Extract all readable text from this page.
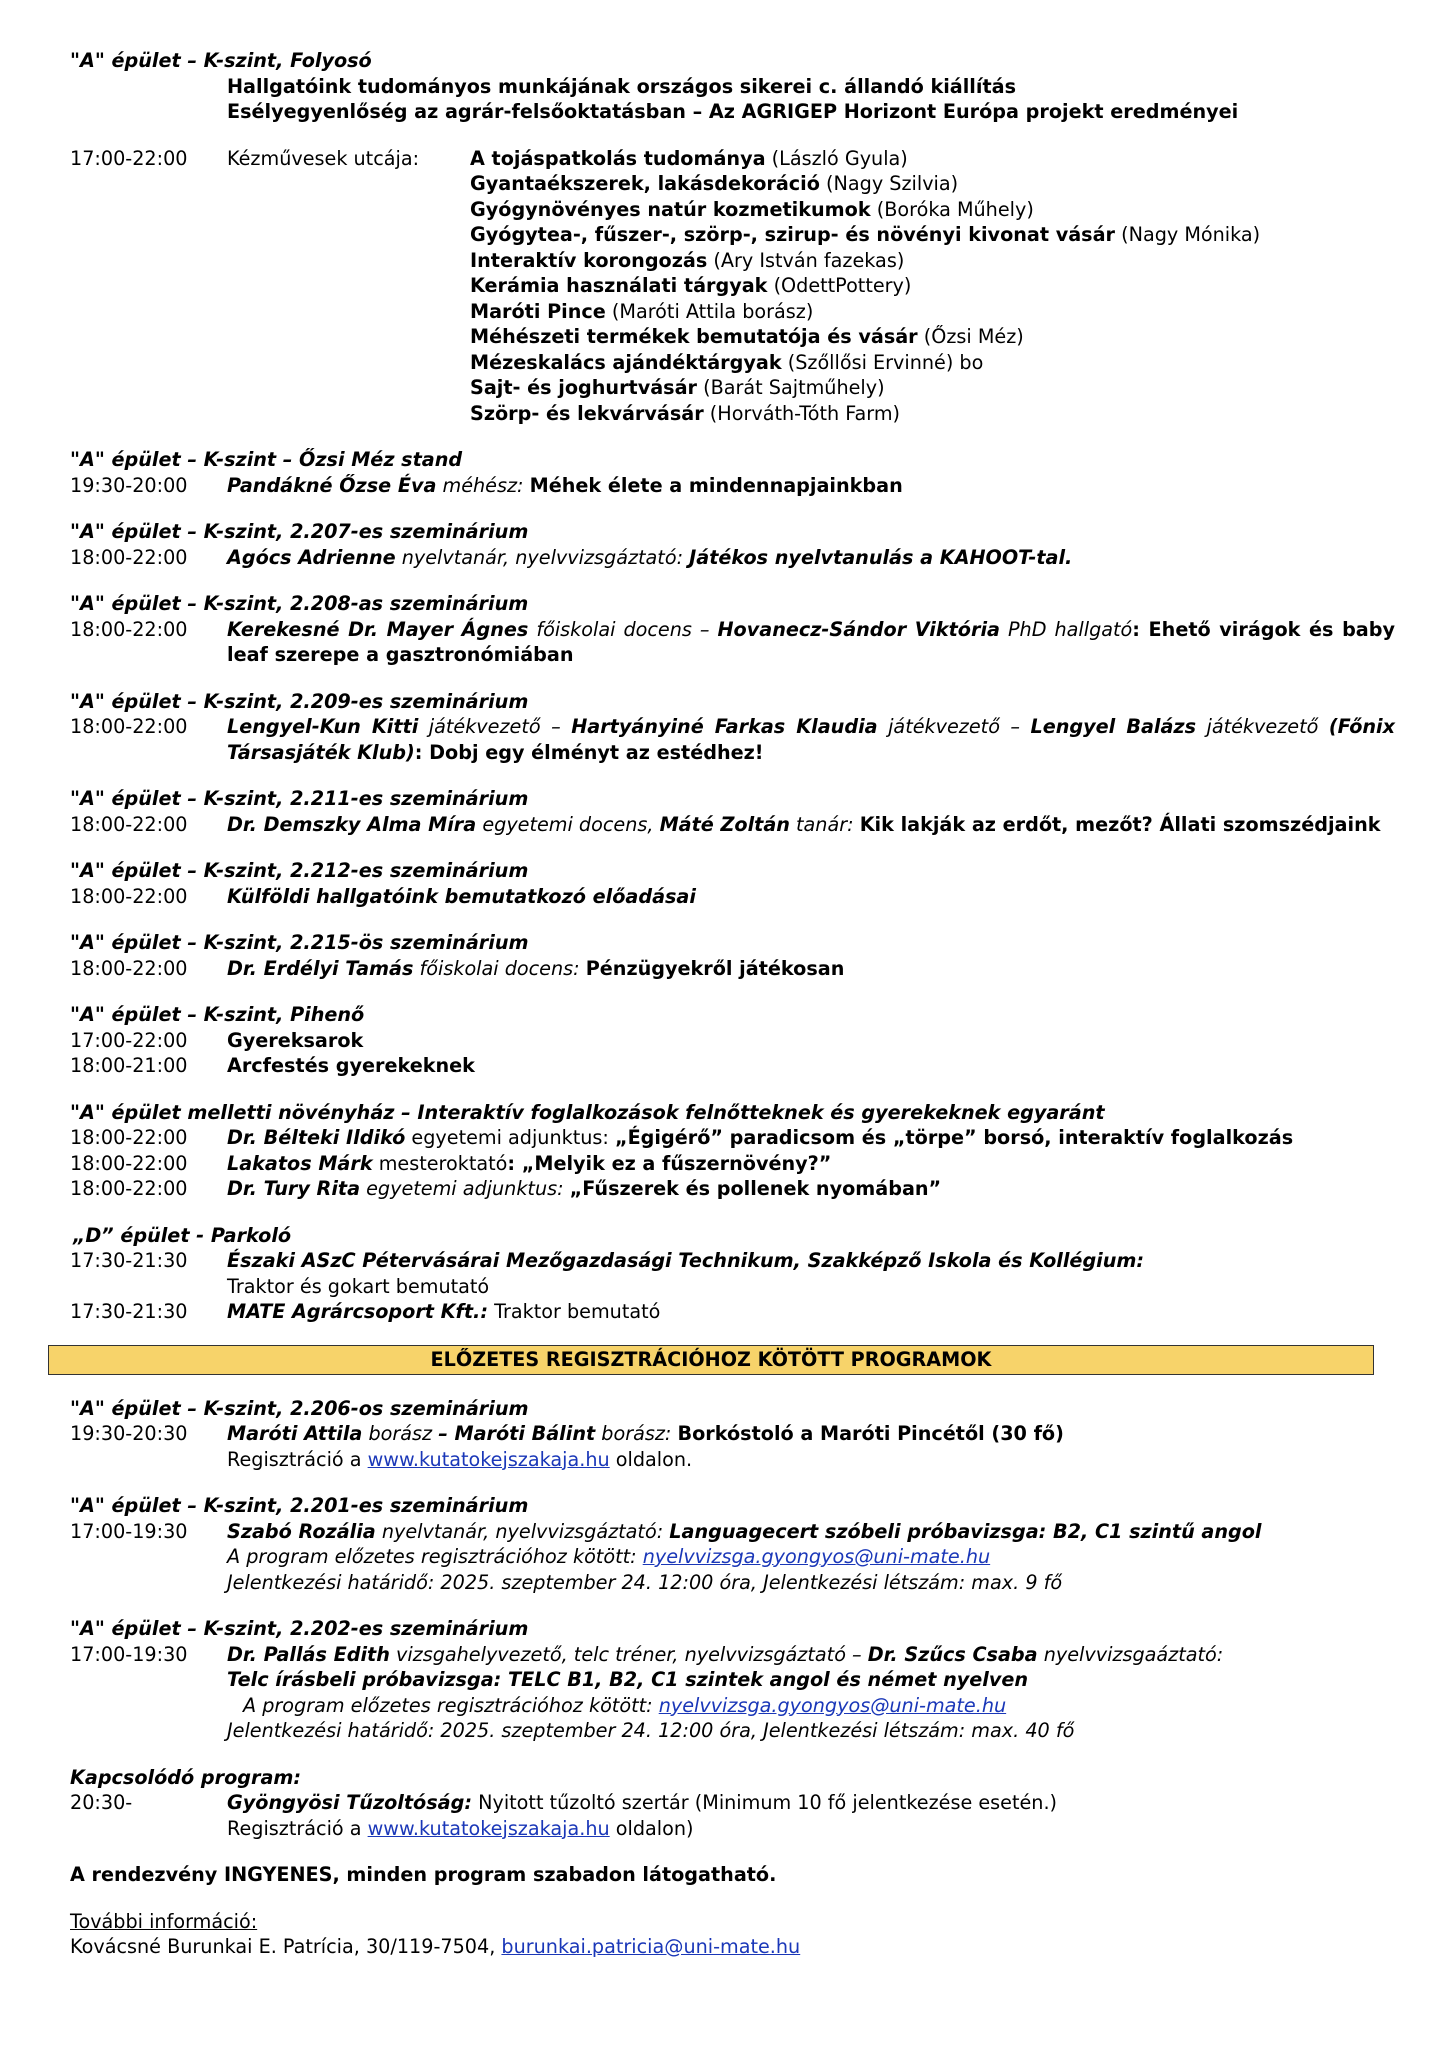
"A" épület – K-szint, Folyosó
Hallgatóink tudományos munkájának országos sikerei c. állandó kiállítás
Esélyegyenlőség az agrár-felsőoktatásban – Az AGRIGEP Horizont Európa projekt eredményei
17:00-22:00	Kézművesek utcája:	A tojáspatkolás tudománya (László Gyula)
Gyantaékszerek, lakásdekoráció (Nagy Szilvia)
Gyógynövényes natúr kozmetikumok (Boróka Műhely)
Gyógytea-, fűszer-, szörp-, szirup- és növényi kivonat vásár (Nagy Mónika)
Interaktív korongozás (Ary István fazekas)
Kerámia használati tárgyak (OdettPottery)
Maróti Pince (Maróti Attila borász)
Méhészeti termékek bemutatója és vásár (Őzsi Méz)
Mézeskalács ajándéktárgyak (Szőllősi Ervinné) bo
Sajt- és joghurtvásár (Barát Sajtműhely)
Szörp- és lekvárvásár (Horváth-Tóth Farm)
"A" épület – K-szint – Őzsi Méz stand
19:30-20:00	Pandákné Őzse Éva méhész: Méhek élete a mindennapjainkban
"A" épület – K-szint, 2.207-es szeminárium
18:00-22:00	Agócs Adrienne nyelvtanár, nyelvvizsgáztató: Játékos nyelvtanulás a KAHOOT-tal.
"A" épület – K-szint, 2.208-as szeminárium
18:00-22:00	Kerekesné Dr. Mayer Ágnes főiskolai docens – Hovanecz-Sándor Viktória PhD hallgató: Ehető virágok és baby leaf szerepe a gasztronómiában
"A" épület – K-szint, 2.209-es szeminárium
18:00-22:00	Lengyel-Kun Kitti játékvezető – Hartyányiné Farkas Klaudia játékvezető – Lengyel Balázs játékvezető (Főnix Társasjáték Klub): Dobj egy élményt az estédhez!
"A" épület – K-szint, 2.211-es szeminárium
18:00-22:00	Dr. Demszky Alma Míra egyetemi docens, Máté Zoltán tanár: Kik lakják az erdőt, mezőt? Állati szomszédjaink
"A" épület – K-szint, 2.212-es szeminárium
18:00-22:00	Külföldi hallgatóink bemutatkozó előadásai
"A" épület – K-szint, 2.215-ös szeminárium
18:00-22:00	Dr. Erdélyi Tamás főiskolai docens: Pénzügyekről játékosan
"A" épület – K-szint, Pihenő
17:00-22:00	Gyereksarok
18:00-21:00	Arcfestés gyerekeknek
"A" épület melletti növényház – Interaktív foglalkozások felnőtteknek és gyerekeknek egyaránt
18:00-22:00	Dr. Bélteki Ildikó egyetemi adjunktus: „Égigérő” paradicsom és „törpe” borsó, interaktív foglalkozás
18:00-22:00	Lakatos Márk mesteroktató: „Melyik ez a fűszernövény?”
18:00-22:00	Dr. Tury Rita egyetemi adjunktus: „Fűszerek és pollenek nyomában”
„D” épület - Parkoló
17:30-21:30	Északi ASzC Pétervásárai Mezőgazdasági Technikum, Szakképző Iskola és Kollégium:
Traktor és gokart bemutató
17:30-21:30	MATE Agrárcsoport Kft.: Traktor bemutató
ELŐZETES REGISZTRÁCIÓHOZ KÖTÖTT PROGRAMOK
"A" épület – K-szint, 2.206-os szeminárium
19:30-20:30	Maróti Attila borász – Maróti Bálint borász: Borkóstoló a Maróti Pincétől (30 fő)
Regisztráció a www.kutatokejszakaja.hu oldalon.
"A" épület – K-szint, 2.201-es szeminárium
17:00-19:30	Szabó Rozália nyelvtanár, nyelvvizsgáztató: Languagecert szóbeli próbavizsga: B2, C1 szintű angol
A program előzetes regisztrációhoz kötött: nyelvvizsga.gyongyos@uni-mate.hu
Jelentkezési határidő: 2025. szeptember 24. 12:00 óra, Jelentkezési létszám: max. 9 fő
"A" épület – K-szint, 2.202-es szeminárium
17:00-19:30	Dr. Pallás Edith vizsgahelyvezető, telc tréner, nyelvvizsgáztató – Dr. Szűcs Csaba nyelvvizsgaáztató:
Telc írásbeli próbavizsga: TELC B1, B2, C1 szintek angol és német nyelven
A program előzetes regisztrációhoz kötött: nyelvvizsga.gyongyos@uni-mate.hu
Jelentkezési határidő: 2025. szeptember 24. 12:00 óra, Jelentkezési létszám: max. 40 fő
Kapcsolódó program:
20:30-	Gyöngyösi Tűzoltóság: Nyitott tűzoltó szertár (Minimum 10 fő jelentkezése esetén.)
Regisztráció a www.kutatokejszakaja.hu oldalon)
A rendezvény INGYENES, minden program szabadon látogatható.
További információ:
Kovácsné Burunkai E. Patrícia, 30/119-7504, burunkai.patricia@uni-mate.hu
